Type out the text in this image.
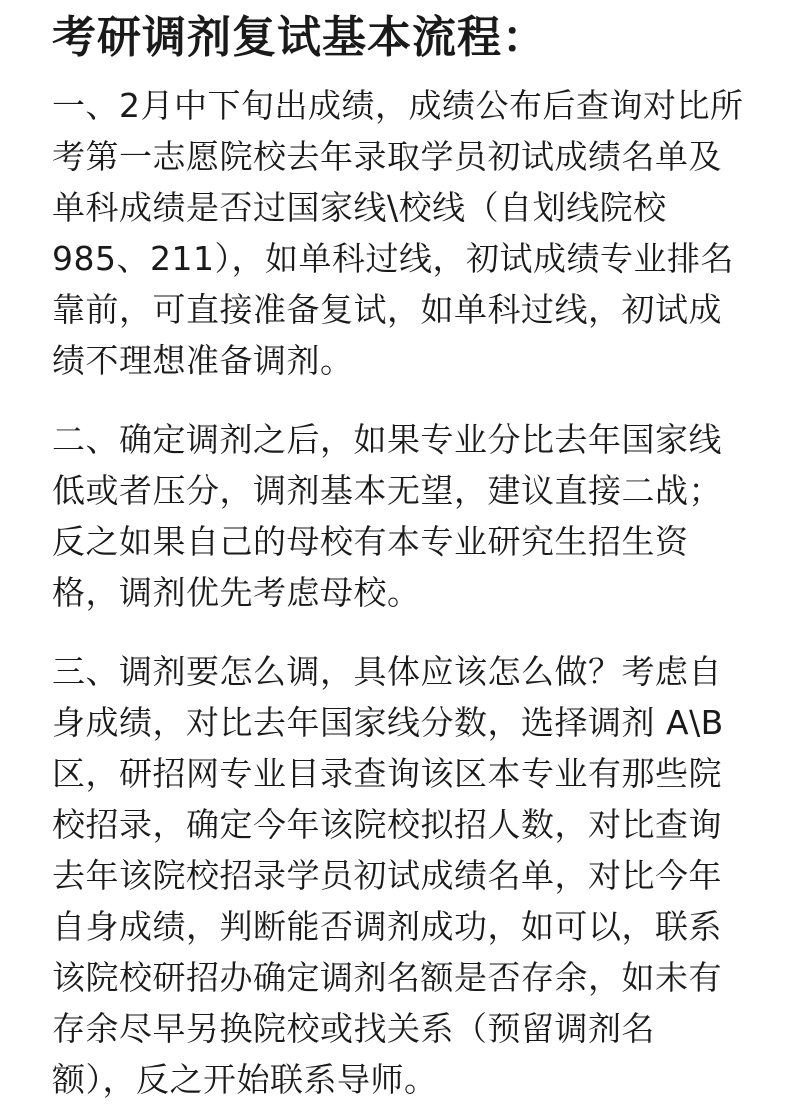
考研调剂复试基本流程：
一、2月中下旬出成绩，成绩公布后查询对比所
考第一志愿院校去年录取学员初试成绩名单及
单科成绩是否过国家线\校线（自划线院校
985、211），如单科过线，初试成绩专业排名
靠前，可直接准备复试，如单科过线，初试成
绩不理想准备调剂。
二、确定调剂之后，如果专业分比去年国家线
低或者压分，调剂基本无望，建议直接二战；
反之如果自己的母校有本专业研究生招生资
格，调剂优先考虑母校。
三、调剂要怎么调，具体应该怎么做？考虑自
身成绩，对比去年国家线分数，选择调剂 A\B
区，研招网专业目录查询该区本专业有那些院
校招录，确定今年该院校拟招人数，对比查询
去年该院校招录学员初试成绩名单，对比今年
自身成绩，判断能否调剂成功，如可以，联系
该院校研招办确定调剂名额是否存余，如未有
存余尽早另换院校或找关系（预留调剂名
额），反之开始联系导师。
